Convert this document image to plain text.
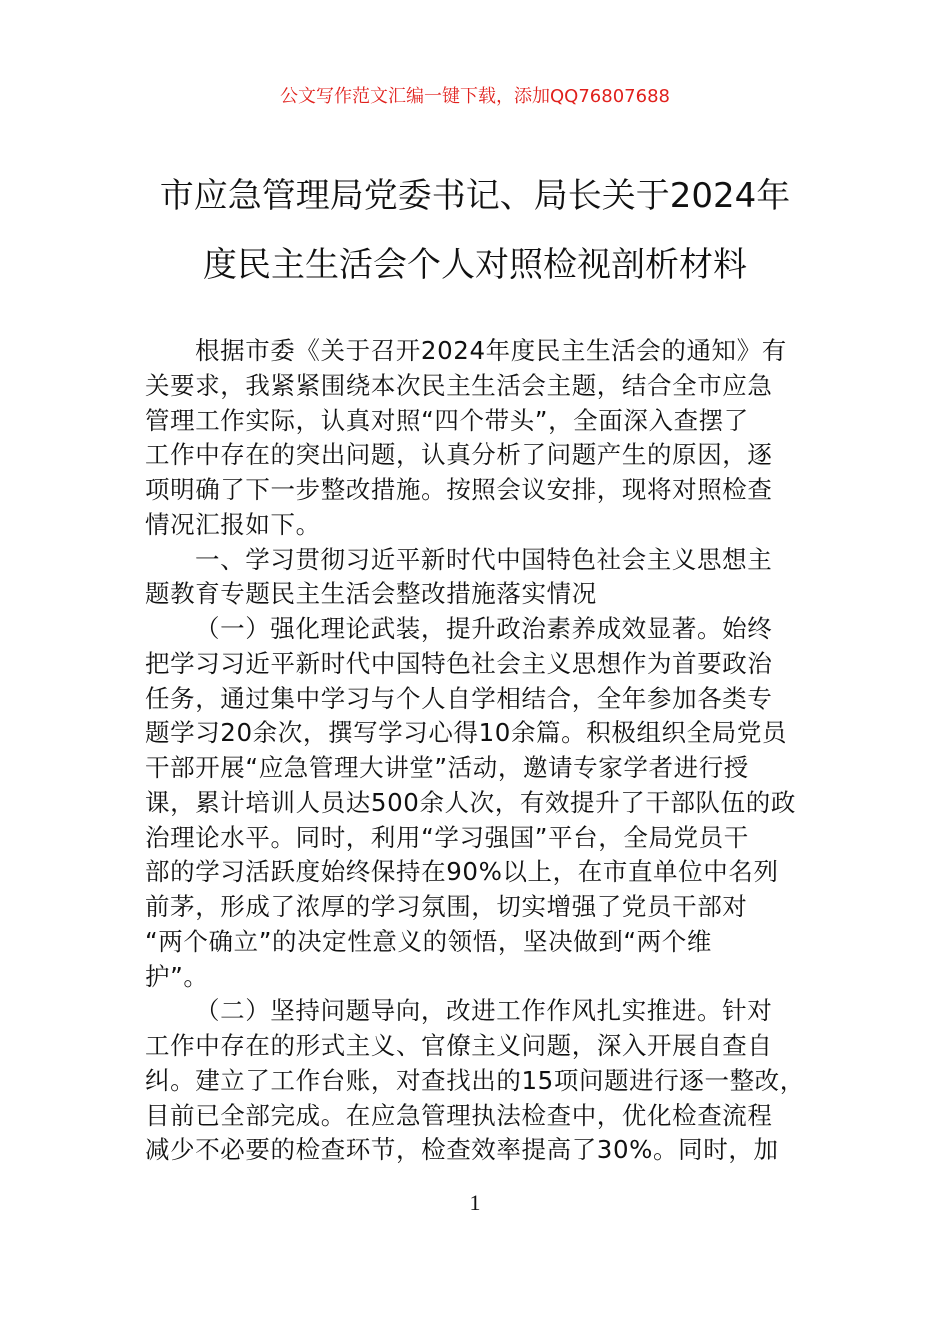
公文写作范文汇编一键下载，添加QQ76807688
市应急管理局党委书记、局长关于2024年
度民主生活会个人对照检视剖析材料
根据市委《关于召开2024年度民主生活会的通知》有
关要求，我紧紧围绕本次民主生活会主题，结合全市应急
管理工作实际，认真对照“四个带头”，全面深入查摆了
工作中存在的突出问题，认真分析了问题产生的原因，逐
项明确了下一步整改措施。按照会议安排，现将对照检查
情况汇报如下。
一、学习贯彻习近平新时代中国特色社会主义思想主
题教育专题民主生活会整改措施落实情况
（一）强化理论武装，提升政治素养成效显著。始终
把学习习近平新时代中国特色社会主义思想作为首要政治
任务，通过集中学习与个人自学相结合，全年参加各类专
题学习20余次，撰写学习心得10余篇。积极组织全局党员
干部开展“应急管理大讲堂”活动，邀请专家学者进行授
课，累计培训人员达500余人次，有效提升了干部队伍的政
治理论水平。同时，利用“学习强国”平台，全局党员干
部的学习活跃度始终保持在90%以上，在市直单位中名列
前茅，形成了浓厚的学习氛围，切实增强了党员干部对
“两个确立”的决定性意义的领悟，坚决做到“两个维
护”。
（二）坚持问题导向，改进工作作风扎实推进。针对
工作中存在的形式主义、官僚主义问题，深入开展自查自
纠。建立了工作台账，对查找出的15项问题进行逐一整改，
目前已全部完成。在应急管理执法检查中，优化检查流程
减少不必要的检查环节，检查效率提高了30%。同时，加
1
